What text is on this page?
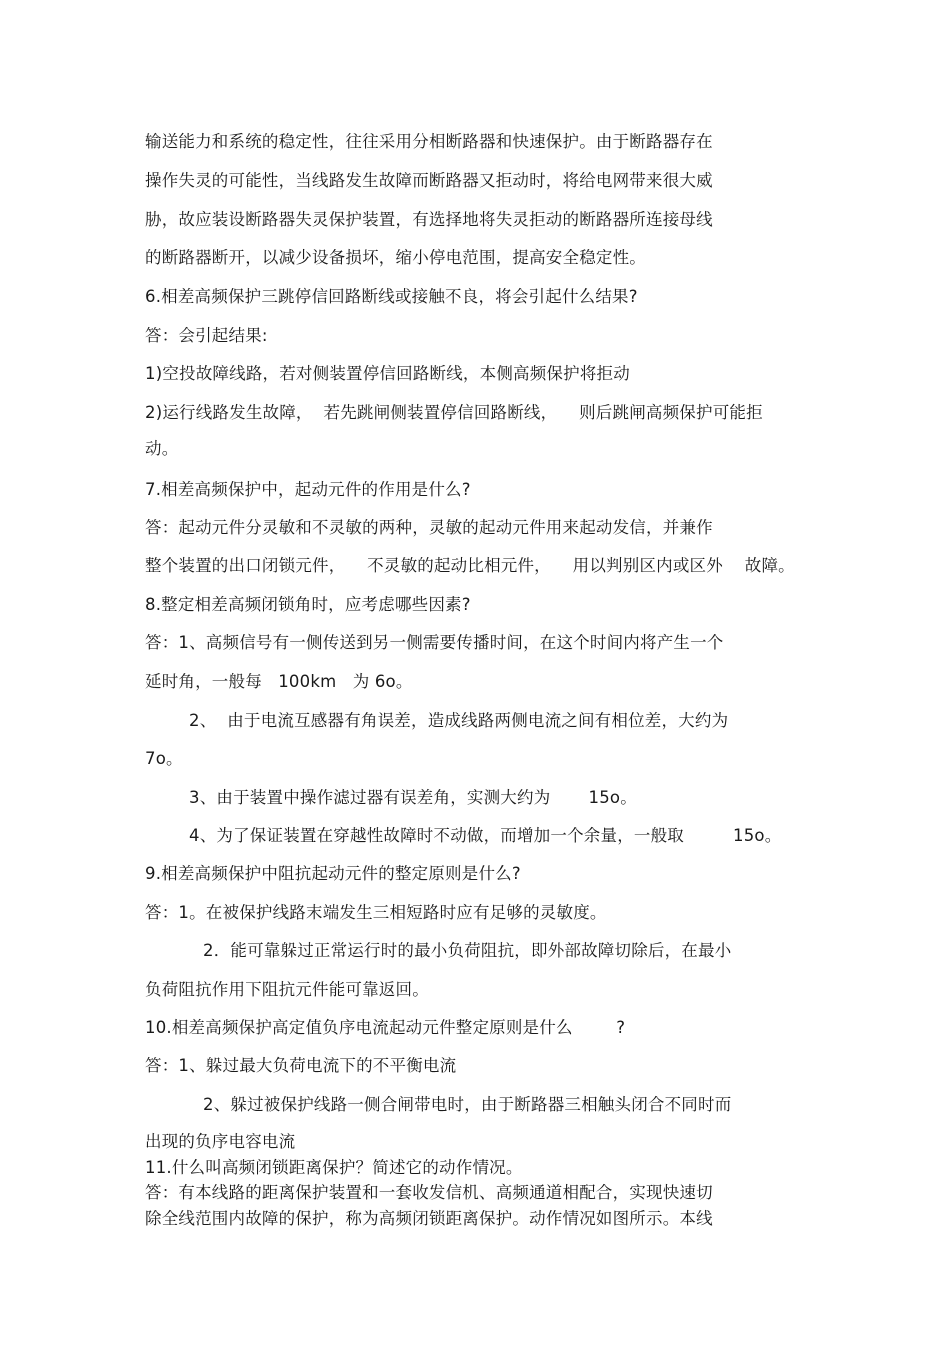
输送能力和系统的稳定性，往往采用分相断路器和快速保护。由于断路器存在
操作失灵的可能性，当线路发生故障而断路器又拒动时，将给电网带来很大威
胁，故应装设断路器失灵保护装置，有选择地将失灵拒动的断路器所连接母线
的断路器断开，以减少设备损坏，缩小停电范围，提高安全稳定性。
6.相差高频保护三跳停信回路断线或接触不良，将会引起什么结果?
答：会引起结果:
1)空投故障线路，若对侧装置停信回路断线，本侧高频保护将拒动
2)运行线路发生故障，  若先跳闸侧装置停信回路断线，    则后跳闸高频保护可能拒
动。
7.相差高频保护中，起动元件的作用是什么?
答：起动元件分灵敏和不灵敏的两种，灵敏的起动元件用来起动发信，并兼作
整个装置的出口闭锁元件，    不灵敏的起动比相元件，    用以判别区内或区外    故障。
8.整定相差高频闭锁角时，应考虑哪些因素?
答：1、高频信号有一侧传送到另一侧需要传播时间，在这个时间内将产生一个
延时角，一般每   100km   为 6o。
2、  由于电流互感器有角误差，造成线路两侧电流之间有相位差，大约为
7o。
3、由于装置中操作滤过器有误差角，实测大约为       15o。
4、为了保证装置在穿越性故障时不动做，而增加一个余量，一般取         15o。
9.相差高频保护中阻抗起动元件的整定原则是什么?
答：1。在被保护线路末端发生三相短路时应有足够的灵敏度。
2．能可靠躲过正常运行时的最小负荷阻抗，即外部故障切除后，在最小
负荷阻抗作用下阻抗元件能可靠返回。
10.相差高频保护高定值负序电流起动元件整定原则是什么        ?
答：1、躲过最大负荷电流下的不平衡电流
2、躲过被保护线路一侧合闸带电时，由于断路器三相触头闭合不同时而
出现的负序电容电流
11.什么叫高频闭锁距离保护？简述它的动作情况。
答：有本线路的距离保护装置和一套收发信机、高频通道相配合，实现快速切
除全线范围内故障的保护，称为高频闭锁距离保护。动作情况如图所示。本线
